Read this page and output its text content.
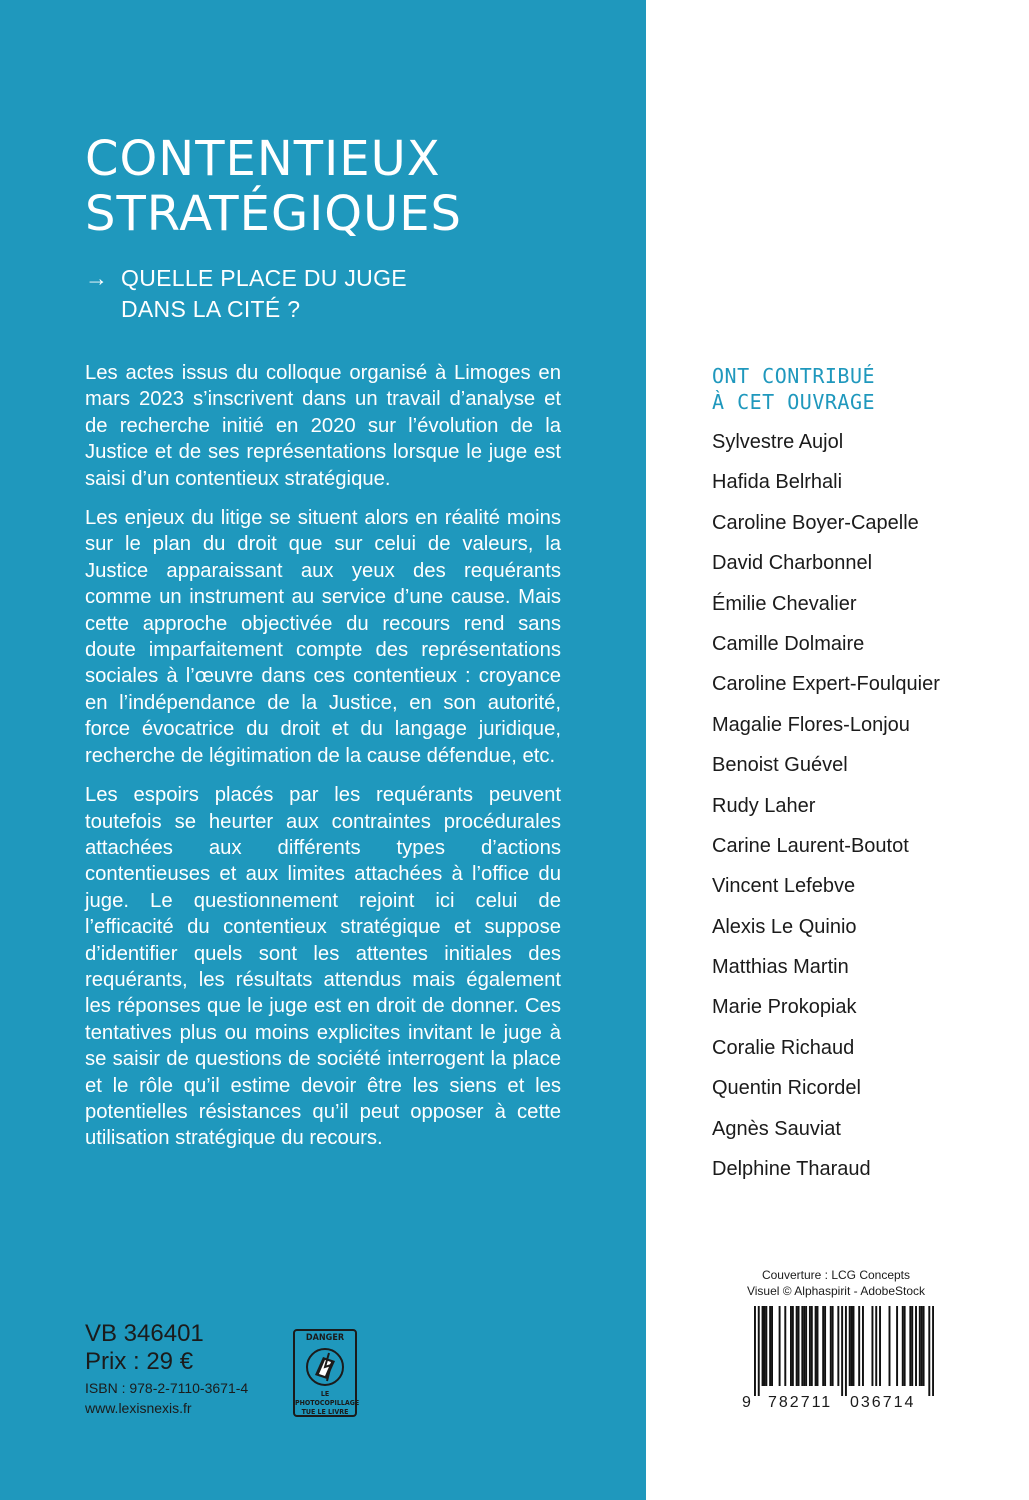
CONTENTIEUX
STRATÉGIQUES
→ QUELLE PLACE DU JUGE
DANS LA CITÉ ?

Les actes issus du colloque organisé à Limoges en mars 2023 s’inscrivent dans un travail d’analyse et de recherche initié en 2020 sur l’évolution de la Justice et de ses représentations lorsque le juge est saisi d’un contentieux stratégique.

Les enjeux du litige se situent alors en réalité moins sur le plan du droit que sur celui de valeurs, la Justice apparaissant aux yeux des requérants comme un instrument au service d’une cause. Mais cette approche objectivée du recours rend sans doute imparfaitement compte des représentations sociales à l’œuvre dans ces contentieux : croyance en l’indépendance de la Justice, en son autorité, force évocatrice du droit et du langage juridique, recherche de légitimation de la cause défendue, etc.

Les espoirs placés par les requérants peuvent toutefois se heurter aux contraintes procédurales attachées aux différents types d’actions contentieuses et aux limites attachées à l’office du juge. Le questionnement rejoint ici celui de l’efficacité du contentieux stratégique et suppose d’identifier quels sont les attentes initiales des requérants, les résultats attendus mais également les réponses que le juge est en droit de donner. Ces tentatives plus ou moins explicites invitant le juge à se saisir de questions de société interrogent la place et le rôle qu’il estime devoir être les siens et les potentielles résistances qu’il peut opposer à cette utilisation stratégique du recours.

VB 346401
Prix : 29 €
ISBN : 978-2-7110-3671-4
www.lexisnexis.fr
DANGER
LE
PHOTOCOPILLAGE
TUE LE LIVRE
ONT CONTRIBUÉ
À CET OUVRAGE
Sylvestre Aujol
Hafida Belrhali
Caroline Boyer-Capelle
David Charbonnel
Émilie Chevalier
Camille Dolmaire
Caroline Expert-Foulquier
Magalie Flores-Lonjou
Benoist Guével
Rudy Laher
Carine Laurent-Boutot
Vincent Lefebve
Alexis Le Quinio
Matthias Martin
Marie Prokopiak
Coralie Richaud
Quentin Ricordel
Agnès Sauviat
Delphine Tharaud
Couverture : LCG Concepts
Visuel © Alphaspirit - AdobeStock
9 782711 036714
